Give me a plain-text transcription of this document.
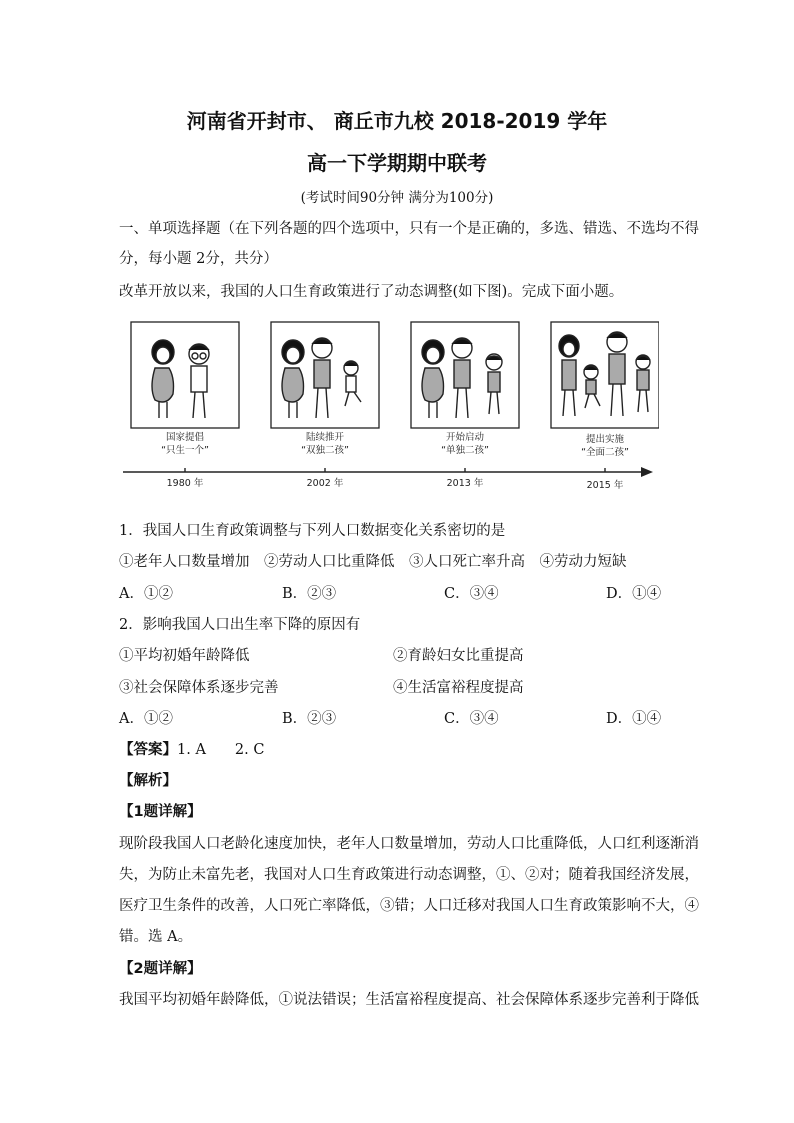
河南省开封市、 商丘市九校 2018-2019 学年
高一下学期期中联考
(考试时间90分钟 满分为100分)
一、单项选择题（在下列各题的四个选项中，只有一个是正确的，多选、错选、不选均不得
分，每小题 2分，共分）
改革开放以来，我国的人口生育政策进行了动态调整(如下图)。完成下面小题。
国家提倡
“只生一个”
陆续推开
“双独二孩”
开始启动
“单独二孩”
提出实施
“全面二孩”
1980 年	2002 年	2013 年	2015 年
1．我国人口生育政策调整与下列人口数据变化关系密切的是
①老年人口数量增加　②劳动人口比重降低　③人口死亡率升高　④劳动力短缺
A．①②	B．②③	C．③④	D．①④
2．影响我国人口出生率下降的原因有
①平均初婚年龄降低	②育龄妇女比重提高
③社会保障体系逐步完善	④生活富裕程度提高
A．①②	B．②③	C．③④	D．①④
【答案】1. A　　2. C
【解析】
【1题详解】
现阶段我国人口老龄化速度加快，老年人口数量增加，劳动人口比重降低，人口红利逐渐消
失，为防止未富先老，我国对人口生育政策进行动态调整，①、②对；随着我国经济发展，
医疗卫生条件的改善，人口死亡率降低，③错；人口迁移对我国人口生育政策影响不大，④
错。选 A。
【2题详解】
我国平均初婚年龄降低，①说法错误；生活富裕程度提高、社会保障体系逐步完善利于降低
